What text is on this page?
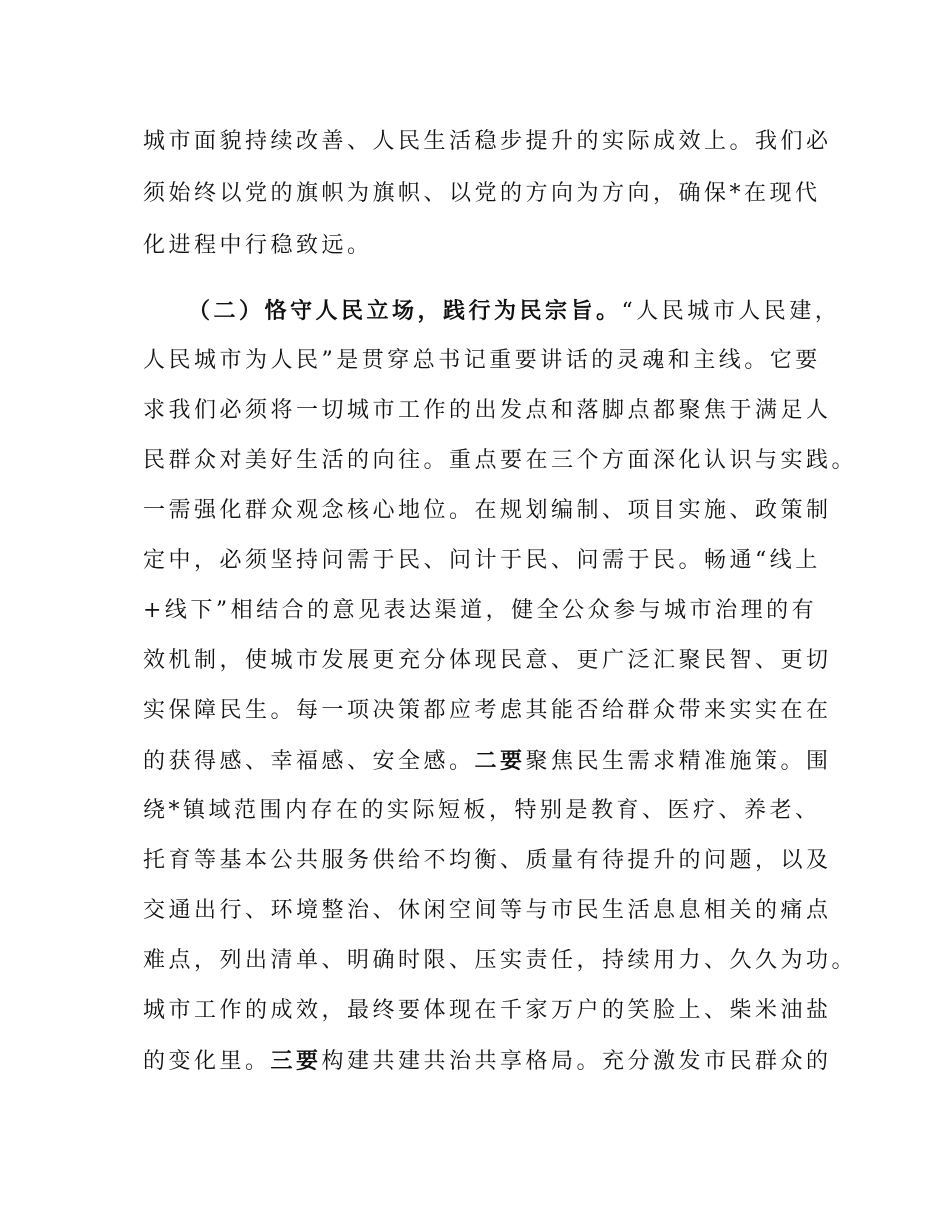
城市面貌持续改善、人民生活稳步提升的实际成效上。我们必
须始终以党的旗帜为旗帜、以党的方向为方向，确保*在现代
化进程中行稳致远。
（二）恪守人民立场，践行为民宗旨。“人民城市人民建，
人民城市为人民”是贯穿总书记重要讲话的灵魂和主线。它要
求我们必须将一切城市工作的出发点和落脚点都聚焦于满足人
民群众对美好生活的向往。重点要在三个方面深化认识与实践。
一需强化群众观念核心地位。在规划编制、项目实施、政策制
定中，必须坚持问需于民、问计于民、问需于民。畅通“线上
+线下”相结合的意见表达渠道，健全公众参与城市治理的有
效机制，使城市发展更充分体现民意、更广泛汇聚民智、更切
实保障民生。每一项决策都应考虑其能否给群众带来实实在在
的获得感、幸福感、安全感。二要聚焦民生需求精准施策。围
绕*镇域范围内存在的实际短板，特别是教育、医疗、养老、
托育等基本公共服务供给不均衡、质量有待提升的问题，以及
交通出行、环境整治、休闲空间等与市民生活息息相关的痛点
难点，列出清单、明确时限、压实责任，持续用力、久久为功。
城市工作的成效，最终要体现在千家万户的笑脸上、柴米油盐
的变化里。三要构建共建共治共享格局。充分激发市民群众的
